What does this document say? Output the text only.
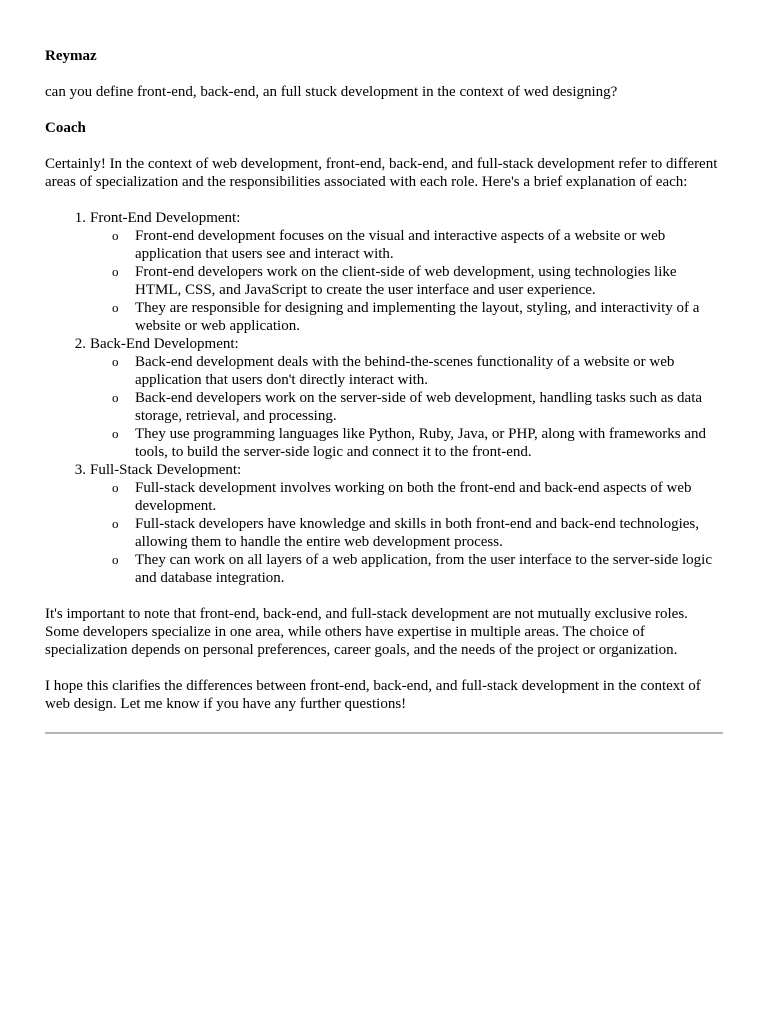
Reymaz

can you define front-end, back-end, an full stuck development in the context of wed designing?

Coach

Certainly! In the context of web development, front-end, back-end, and full-stack development refer to different areas of specialization and the responsibilities associated with each role. Here's a brief explanation of each:

1. Front-End Development:
o Front-end development focuses on the visual and interactive aspects of a website or web application that users see and interact with.
o Front-end developers work on the client-side of web development, using technologies like HTML, CSS, and JavaScript to create the user interface and user experience.
o They are responsible for designing and implementing the layout, styling, and interactivity of a website or web application.
2. Back-End Development:
o Back-end development deals with the behind-the-scenes functionality of a website or web application that users don't directly interact with.
o Back-end developers work on the server-side of web development, handling tasks such as data storage, retrieval, and processing.
o They use programming languages like Python, Ruby, Java, or PHP, along with frameworks and tools, to build the server-side logic and connect it to the front-end.
3. Full-Stack Development:
o Full-stack development involves working on both the front-end and back-end aspects of web development.
o Full-stack developers have knowledge and skills in both front-end and back-end technologies, allowing them to handle the entire web development process.
o They can work on all layers of a web application, from the user interface to the server-side logic and database integration.

It's important to note that front-end, back-end, and full-stack development are not mutually exclusive roles. Some developers specialize in one area, while others have expertise in multiple areas. The choice of specialization depends on personal preferences, career goals, and the needs of the project or organization.

I hope this clarifies the differences between front-end, back-end, and full-stack development in the context of web design. Let me know if you have any further questions!
